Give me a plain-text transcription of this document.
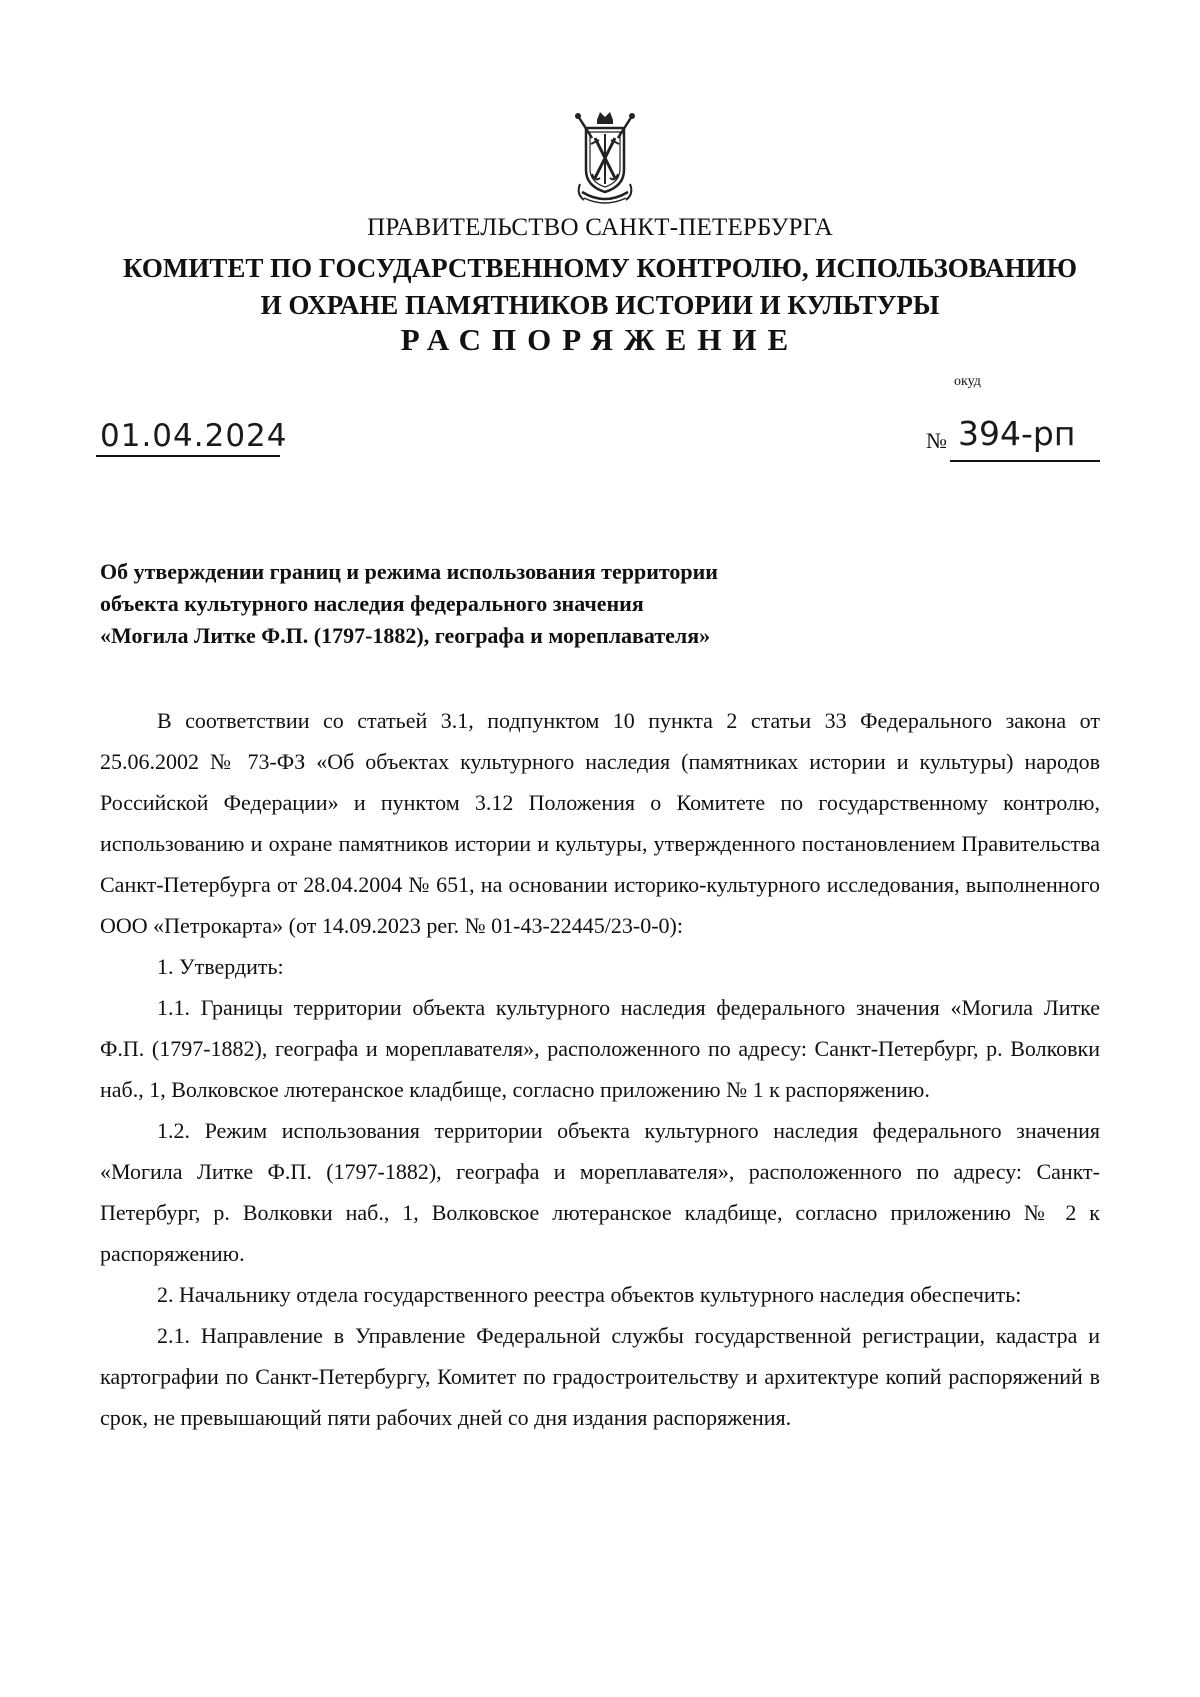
ПРАВИТЕЛЬСТВО САНКТ-ПЕТЕРБУРГА
КОМИТЕТ ПО ГОСУДАРСТВЕННОМУ КОНТРОЛЮ, ИСПОЛЬЗОВАНИЮ
И ОХРАНЕ ПАМЯТНИКОВ ИСТОРИИ И КУЛЬТУРЫ
РАСПОРЯЖЕНИЕ
окуд
01.04.2024	№ 394-рп
Об утверждении границ и режима использования территории
объекта культурного наследия федерального значения
«Могила Литке Ф.П. (1797-1882), географа и мореплавателя»

В соответствии со статьей 3.1, подпунктом 10 пункта 2 статьи 33 Федерального закона от 25.06.2002 № 73-ФЗ «Об объектах культурного наследия (памятниках истории и культуры) народов Российской Федерации» и пунктом 3.12 Положения о Комитете по государственному контролю, использованию и охране памятников истории и культуры, утвержденного постановлением Правительства Санкт-Петербурга от 28.04.2004 № 651, на основании историко-культурного исследования, выполненного ООО «Петрокарта» (от 14.09.2023 рег. № 01-43-22445/23-0-0):

1. Утвердить:

1.1. Границы территории объекта культурного наследия федерального значения «Могила Литке Ф.П. (1797-1882), географа и мореплавателя», расположенного по адресу: Санкт-Петербург, р. Волковки наб., 1, Волковское лютеранское кладбище, согласно приложению № 1 к распоряжению.

1.2. Режим использования территории объекта культурного наследия федерального значения «Могила Литке Ф.П. (1797-1882), географа и мореплавателя», расположенного по адресу: Санкт-Петербург, р. Волковки наб., 1, Волковское лютеранское кладбище, согласно приложению № 2 к распоряжению.

2. Начальнику отдела государственного реестра объектов культурного наследия обеспечить:

2.1. Направление в Управление Федеральной службы государственной регистрации, кадастра и картографии по Санкт-Петербургу, Комитет по градостроительству и архитектуре копий распоряжений в срок, не превышающий пяти рабочих дней со дня издания распоряжения.
